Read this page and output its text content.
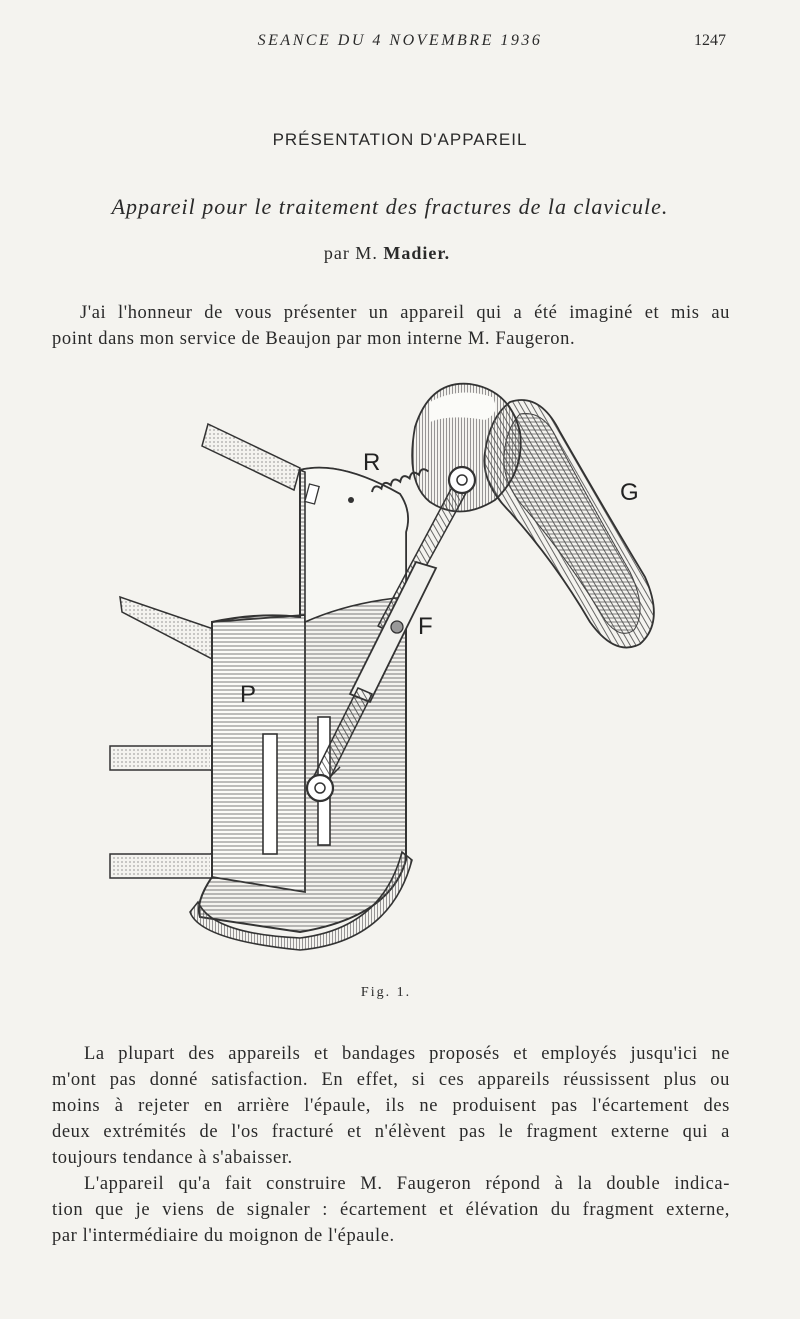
SEANCE DU 4 NOVEMBRE 1936	1247
PRÉSENTATION D'APPAREIL
Appareil pour le traitement des fractures de la clavicule.
par M. Madier.

J'ai l'honneur de vous présenter un appareil qui a été imaginé et mis au
point dans mon service de Beaujon par mon interne M. Faugeron.

R
G
F
P
Fig. 1.

La plupart des appareils et bandages proposés et employés jusqu'ici ne
m'ont pas donné satisfaction. En effet, si ces appareils réussissent plus ou
moins à rejeter en arrière l'épaule, ils ne produisent pas l'écartement des
deux extrémités de l'os fracturé et n'élèvent pas le fragment externe qui a
toujours tendance à s'abaisser.

L'appareil qu'a fait construire M. Faugeron répond à la double indica-
tion que je viens de signaler : écartement et élévation du fragment externe,
par l'intermédiaire du moignon de l'épaule.
